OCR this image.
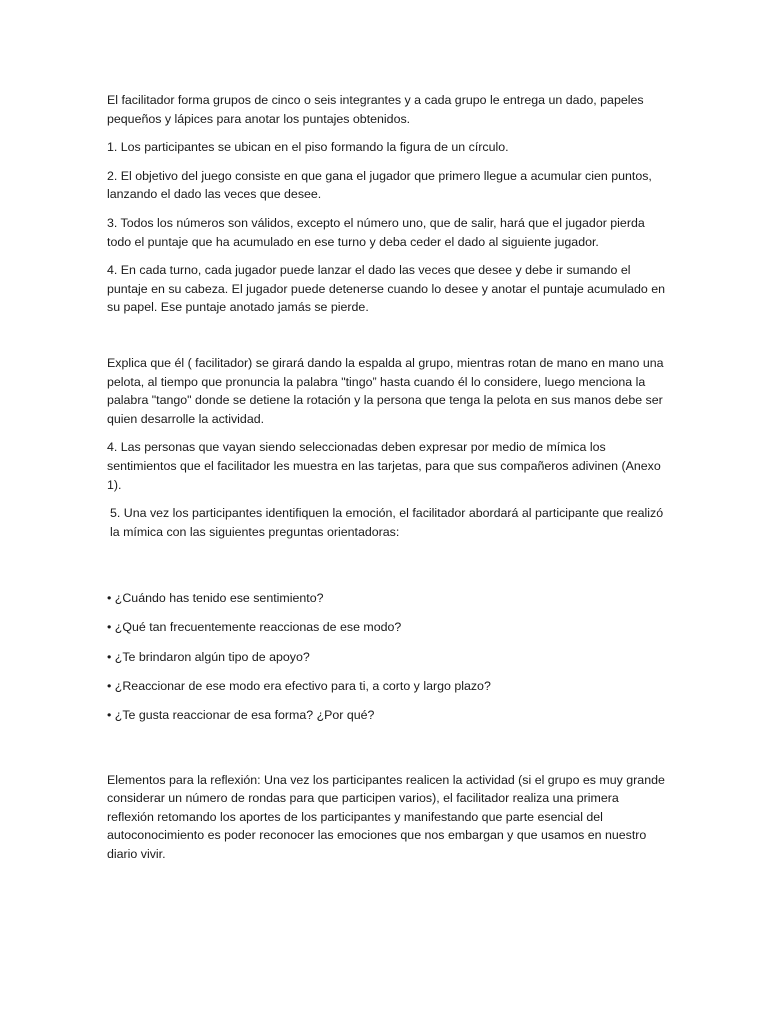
El facilitador forma grupos de cinco o seis integrantes y a cada grupo le entrega un dado, papeles pequeños y lápices para anotar los puntajes obtenidos.

1. Los participantes se ubican en el piso formando la figura de un círculo.

2. El objetivo del juego consiste en que gana el jugador que primero llegue a acumular cien puntos, lanzando el dado las veces que desee.

3. Todos los números son válidos, excepto el número uno, que de salir, hará que el jugador pierda todo el puntaje que ha acumulado en ese turno y deba ceder el dado al siguiente jugador.

4. En cada turno, cada jugador puede lanzar el dado las veces que desee y debe ir sumando el puntaje en su cabeza. El jugador puede detenerse cuando lo desee y anotar el puntaje acumulado en su papel. Ese puntaje anotado jamás se pierde.

Explica que él ( facilitador) se girará dando la espalda al grupo, mientras rotan de mano en mano una pelota, al tiempo que pronuncia la palabra "tingo” hasta cuando él lo considere, luego menciona la palabra "tango" donde se detiene la rotación y la persona que tenga la pelota en sus manos debe ser quien desarrolle la actividad.

4. Las personas que vayan siendo seleccionadas deben expresar por medio de mímica los sentimientos que el facilitador les muestra en las tarjetas, para que sus compañeros adivinen (Anexo 1).

5. Una vez los participantes identifiquen la emoción, el facilitador abordará al participante que realizó la mímica con las siguientes preguntas orientadoras:

• ¿Cuándo has tenido ese sentimiento?

• ¿Qué tan frecuentemente reaccionas de ese modo?

• ¿Te brindaron algún tipo de apoyo?

• ¿Reaccionar de ese modo era efectivo para ti, a corto y largo plazo?

• ¿Te gusta reaccionar de esa forma? ¿Por qué?

Elementos para la reflexión: Una vez los participantes realicen la actividad (si el grupo es muy grande considerar un número de rondas para que participen varios), el facilitador realiza una primera reflexión retomando los aportes de los participantes y manifestando que parte esencial del autoconocimiento es poder reconocer las emociones que nos embargan y que usamos en nuestro diario vivir.
